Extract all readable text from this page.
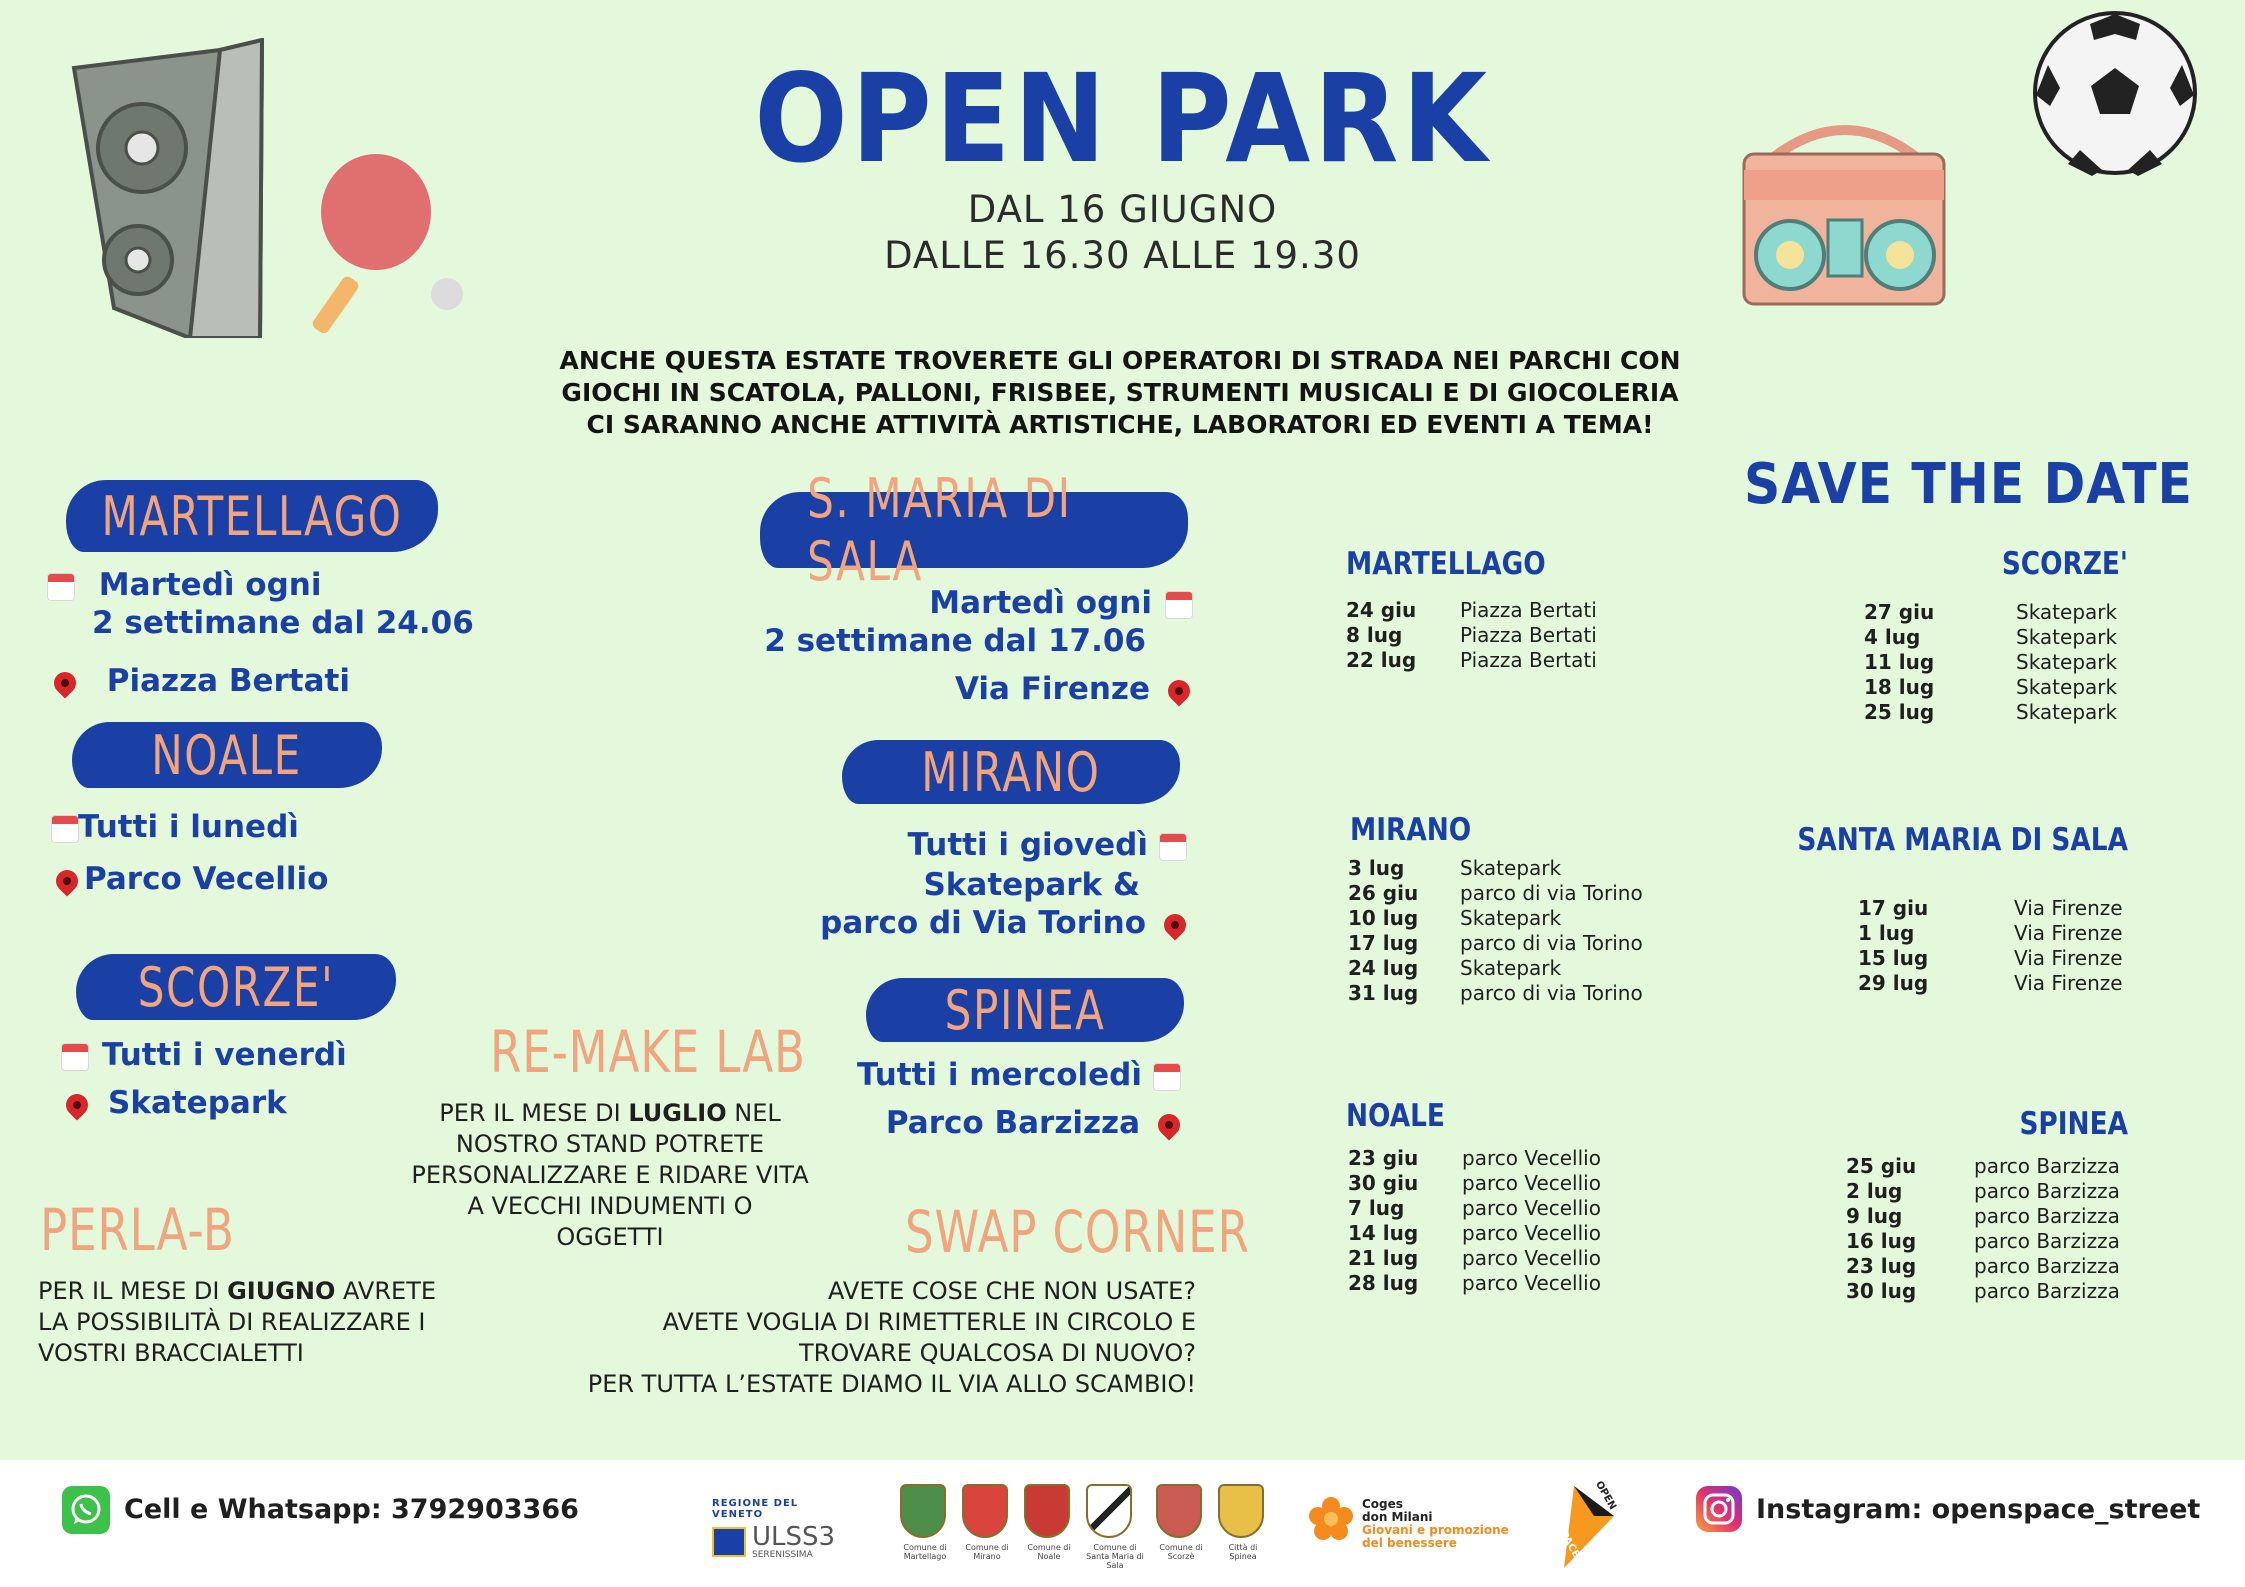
OPEN PARK
DAL 16 GIUGNO
DALLE 16.30 ALLE 19.30
ANCHE QUESTA ESTATE TROVERETE GLI OPERATORI DI STRADA NEI PARCHI CON
GIOCHI IN SCATOLA, PALLONI, FRISBEE, STRUMENTI MUSICALI E DI GIOCOLERIA
CI SARANNO ANCHE ATTIVITÀ ARTISTICHE, LABORATORI ED EVENTI A TEMA!
MARTELLAGO
Martedì ogni
2 settimane dal 24.06
Piazza Bertati
NOALE
Tutti i lunedì
Parco Vecellio
SCORZE'
Tutti i venerdì
Skatepark
S. MARIA DI SALA
Martedì ogni
2 settimane dal 17.06
Via Firenze
MIRANO
Tutti i giovedì
Skatepark &
parco di Via Torino
SPINEA
Tutti i mercoledì
Parco Barzizza
RE-MAKE LAB
PER IL MESE DI LUGLIO NEL
NOSTRO STAND POTRETE
PERSONALIZZARE E RIDARE VITA
A VECCHI INDUMENTI O
OGGETTI
PERLA-B
PER IL MESE DI GIUGNO AVRETE
LA POSSIBILITÀ DI REALIZZARE I
VOSTRI BRACCIALETTI
SWAP CORNER
AVETE COSE CHE NON USATE?
AVETE VOGLIA DI RIMETTERLE IN CIRCOLO E
TROVARE QUALCOSA DI NUOVO?
PER TUTTA L’ESTATE DIAMO IL VIA ALLO SCAMBIO!
SAVE THE DATE
MARTELLAGO
24 giu	Piazza Bertati
8 lug	Piazza Bertati
22 lug	Piazza Bertati
SCORZE'
27 giu	Skatepark
4 lug	Skatepark
11 lug	Skatepark
18 lug	Skatepark
25 lug	Skatepark
MIRANO
3 lug	Skatepark
26 giu	parco di via Torino
10 lug	Skatepark
17 lug	parco di via Torino
24 lug	Skatepark
31 lug	parco di via Torino
SANTA MARIA DI SALA
17 giu	Via Firenze
1 lug	Via Firenze
15 lug	Via Firenze
29 lug	Via Firenze
NOALE
23 giu	parco Vecellio
30 giu	parco Vecellio
7 lug	parco Vecellio
14 lug	parco Vecellio
21 lug	parco Vecellio
28 lug	parco Vecellio
SPINEA
25 giu	parco Barzizza
2 lug	parco Barzizza
9 lug	parco Barzizza
16 lug	parco Barzizza
23 lug	parco Barzizza
30 lug	parco Barzizza
Cell e Whatsapp: 3792903366	REGIONE DEL VENETO
ULSS3
SERENISSIMA
Comune di
Martellago
Comune di
Mirano
Comune di
Noale
Comune di
Santa Maria di Sala
Comune di
Scorzè
Città di
Spinea
Coges
don Milani
Giovani e promozione
del benessere
OPEN
SPACE
Instagram: openspace_street
